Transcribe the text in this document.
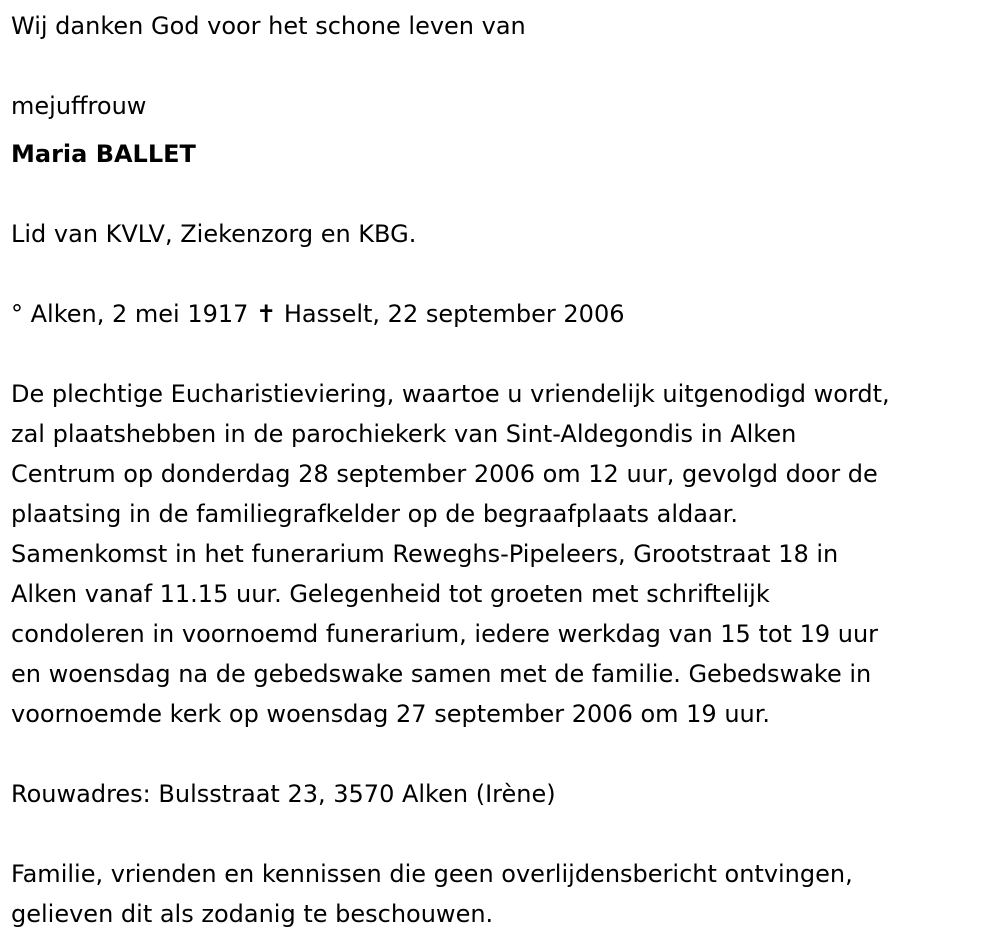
Wij danken God voor het schone leven van
mejuffrouw
Maria BALLET
Lid van KVLV, Ziekenzorg en KBG.
° Alken, 2 mei 1917 ✝ Hasselt, 22 september 2006
De plechtige Eucharistieviering, waartoe u vriendelijk uitgenodigd wordt,
zal plaatshebben in de parochiekerk van Sint-Aldegondis in Alken
Centrum op donderdag 28 september 2006 om 12 uur, gevolgd door de
plaatsing in de familiegrafkelder op de begraafplaats aldaar.
Samenkomst in het funerarium Reweghs-Pipeleers, Grootstraat 18 in
Alken vanaf 11.15 uur. Gelegenheid tot groeten met schriftelijk
condoleren in voornoemd funerarium, iedere werkdag van 15 tot 19 uur
en woensdag na de gebedswake samen met de familie. Gebedswake in
voornoemde kerk op woensdag 27 september 2006 om 19 uur.
Rouwadres: Bulsstraat 23, 3570 Alken (Irène)
Familie, vrienden en kennissen die geen overlijdensbericht ontvingen,
gelieven dit als zodanig te beschouwen.
